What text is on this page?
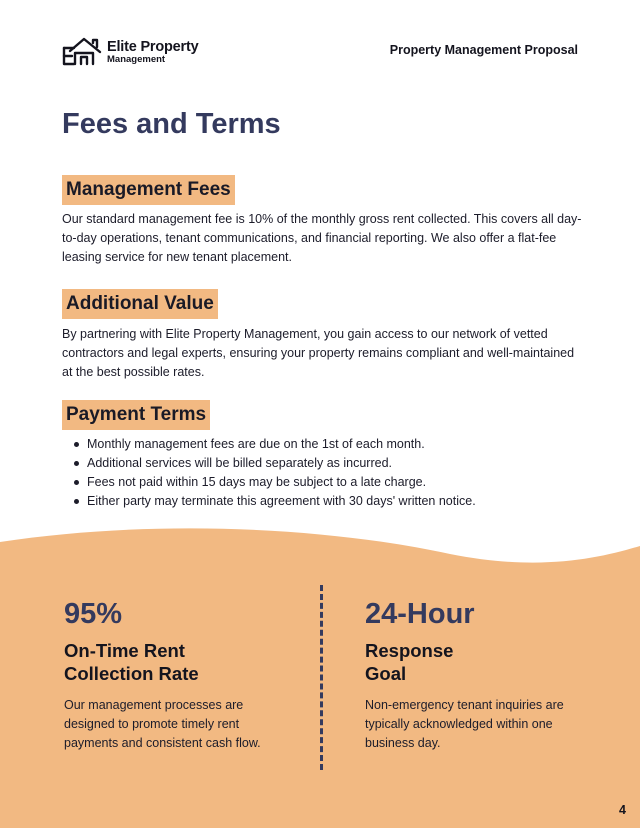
Elite Property
Management
Property Management Proposal
Fees and Terms
Management Fees

Our standard management fee is 10% of the monthly gross rent collected. This covers all day-to-day operations, tenant communications, and financial reporting. We also offer a flat-fee leasing service for new tenant placement.

Additional Value

By partnering with Elite Property Management, you gain access to our network of vetted contractors and legal experts, ensuring your property remains compliant and well-maintained at the best possible rates.

Payment Terms
Monthly management fees are due on the 1st of each month.
Additional services will be billed separately as incurred.
Fees not paid within 15 days may be subject to a late charge.
Either party may terminate this agreement with 30 days' written notice.
95%
On-Time Rent
Collection Rate

Our management processes are designed to promote timely rent payments and consistent cash flow.

24-Hour
Response
Goal

Non-emergency tenant inquiries are typically acknowledged within one business day.

4
